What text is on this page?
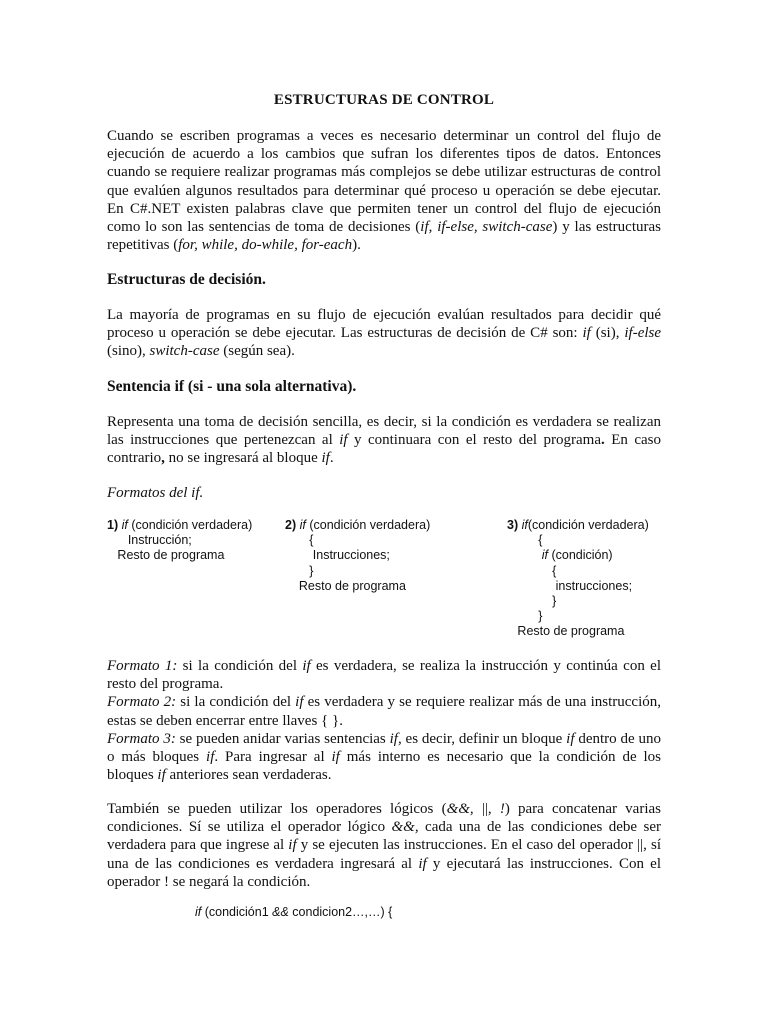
ESTRUCTURAS DE CONTROL
Cuando se escriben programas a veces es necesario determinar un control del flujo de ejecución de acuerdo a los cambios que sufran los diferentes tipos de datos. Entonces cuando se requiere realizar programas más complejos se debe utilizar estructuras de control que evalúen algunos resultados para determinar qué proceso u operación se debe ejecutar. En C#.NET existen palabras clave que permiten tener un control del flujo de ejecución como lo son las sentencias de toma de decisiones (if, if-else, switch-case) y las estructuras repetitivas (for, while, do-while, for-each).
Estructuras de decisión.
La mayoría de programas en su flujo de ejecución evalúan resultados para decidir qué proceso u operación se debe ejecutar. Las estructuras de decisión de C# son: if (si), if-else (sino), switch-case (según sea).
Sentencia if (si - una sola alternativa).
Representa una toma de decisión sencilla, es decir, si la condición es verdadera se realizan las instrucciones que pertenezcan al if y continuara con el resto del programa. En caso contrario, no se ingresará al bloque if.
Formatos del if.
1) if (condición verdadera)
Instrucción;
Resto de programa
2) if (condición verdadera)
{
Instrucciones;
}
Resto de programa
3) if(condición verdadera)
{
if (condición)
{
instrucciones;
}
}
Resto de programa
Formato 1: si la condición del if es verdadera, se realiza la instrucción y continúa con el resto del programa.
Formato 2: si la condición del if es verdadera y se requiere realizar más de una instrucción, estas se deben encerrar entre llaves { }.
Formato 3: se pueden anidar varias sentencias if, es decir, definir un bloque if dentro de uno o más bloques if. Para ingresar al if más interno es necesario que la condición de los bloques if anteriores sean verdaderas.
También se pueden utilizar los operadores lógicos (&&, ||, !) para concatenar varias condiciones. Sí se utiliza el operador lógico &&, cada una de las condiciones debe ser verdadera para que ingrese al if y se ejecuten las instrucciones. En el caso del operador ||, sí una de las condiciones es verdadera ingresará al if y ejecutará las instrucciones. Con el operador ! se negará la condición.
if (condición1 && condicion2…,…) {
